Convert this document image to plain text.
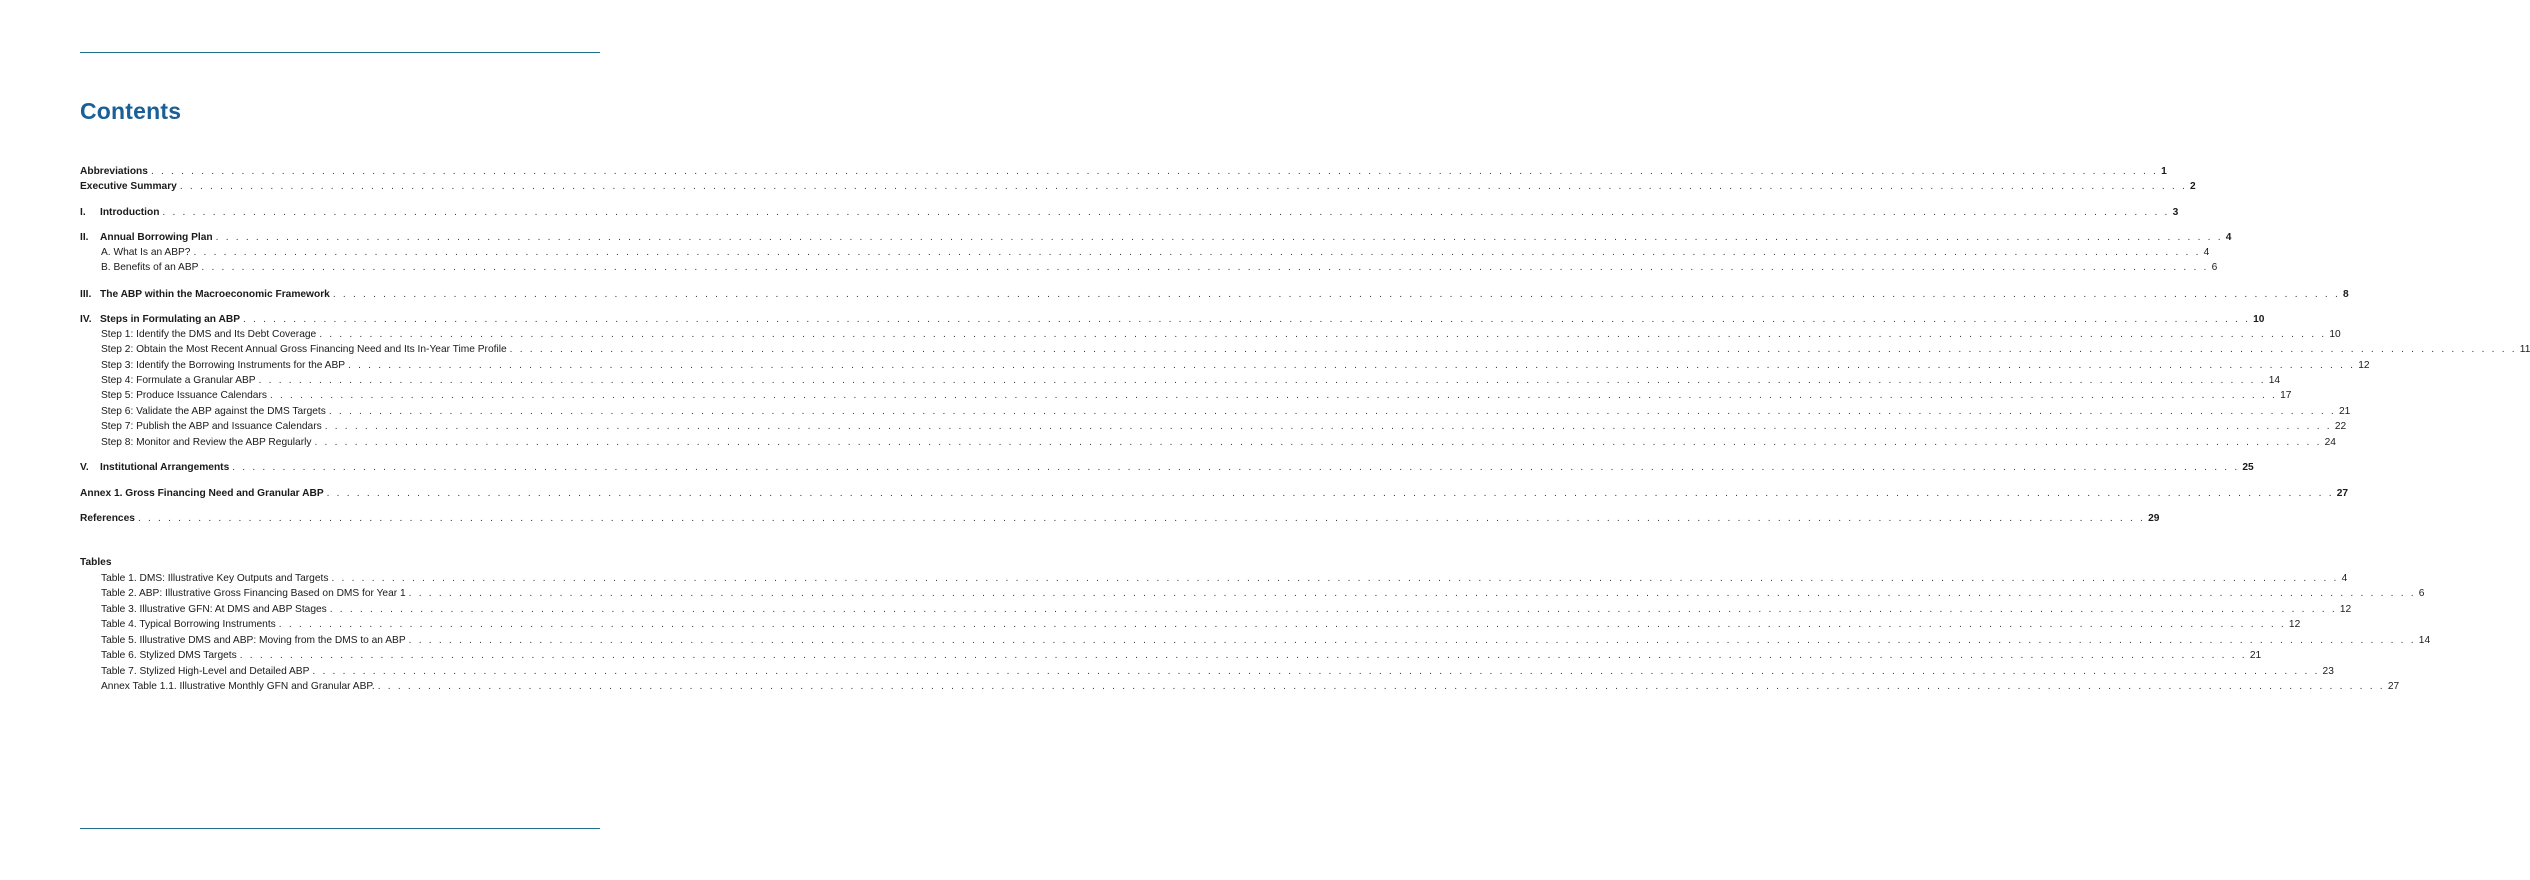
Contents
Abbreviations . . . . . . . . . . . . . . . . . . . . . . . . . . . . . . . . . . . . . . . . . . . . . . . . . . . . . . . . . . . . . . . . . . . . . . . . . . . . . . . . . . . . . . . . . . . . . . . . . . . . . . . . . . . . . . . . . . . . . . . . . . . . . . . . . . . . . . . . . . . . . . . . . . . . . . . . . . . . . . . . . . . . . . . . . . . . . . . . . . . . . . . . . . . . . . . . . . . . . . . . 1
Executive Summary . . . . . . . . . . . . . . . . . . . . . . . . . . . . . . . . . . . . . . . . . . . . . . . . . . . . . . . . . . . . . . . . . . . . . . . . . . . . . . . . . . . . . . . . . . . . . . . . . . . . . . . . . . . . . . . . . . . . . . . . . . . . . . . . . . . . . . . . . . . . . . . . . . . . . . . . . . . . . . . . . . . . . . . . . . . . . . . . . . . . . . . . . . . . . . . . . . . . . . . . 2
I.	Introduction . . . . . . . . . . . . . . . . . . . . . . . . . . . . . . . . . . . . . . . . . . . . . . . . . . . . . . . . . . . . . . . . . . . . . . . . . . . . . . . . . . . . . . . . . . . . . . . . . . . . . . . . . . . . . . . . . . . . . . . . . . . . . . . . . . . . . . . . . . . . . . . . . . . . . . . . . . . . . . . . . . . . . . . . . . . . . . . . . . . . . . . . . . . . . . . . . . . . . . . . 3
II.	Annual Borrowing Plan . . . . . . . . . . . . . . . . . . . . . . . . . . . . . . . . . . . . . . . . . . . . . . . . . . . . . . . . . . . . . . . . . . . . . . . . . . . . . . . . . . . . . . . . . . . . . . . . . . . . . . . . . . . . . . . . . . . . . . . . . . . . . . . . . . . . . . . . . . . . . . . . . . . . . . . . . . . . . . . . . . . . . . . . . . . . . . . . . . . . . . . . . . . . . . . . . . . . . . . . 4
A. What Is an ABP? . . . . . . . . . . . . . . . . . . . . . . . . . . . . . . . . . . . . . . . . . . . . . . . . . . . . . . . . . . . . . . . . . . . . . . . . . . . . . . . . . . . . . . . . . . . . . . . . . . . . . . . . . . . . . . . . . . . . . . . . . . . . . . . . . . . . . . . . . . . . . . . . . . . . . . . . . . . . . . . . . . . . . . . . . . . . . . . . . . . . . . . . . . . . . . . . . . . . . . . . 4
B. Benefits of an ABP . . . . . . . . . . . . . . . . . . . . . . . . . . . . . . . . . . . . . . . . . . . . . . . . . . . . . . . . . . . . . . . . . . . . . . . . . . . . . . . . . . . . . . . . . . . . . . . . . . . . . . . . . . . . . . . . . . . . . . . . . . . . . . . . . . . . . . . . . . . . . . . . . . . . . . . . . . . . . . . . . . . . . . . . . . . . . . . . . . . . . . . . . . . . . . . . . . . . . . . . 6
III. The ABP within the Macroeconomic Framework . . . . . . . . . . . . . . . . . . . . . . . . . . . . . . . . . . . . . . . . . . . . . . . . . . . . . . . . . . . . . . . . . . . . . . . . . . . . . . . . . . . . . . . . . . . . . . . . . . . . . . . . . . . . . . . . . . . . . . . . . . . . . . . . . . . . . . . . . . . . . . . . . . . . . . . . . . . . . . . . . . . . . . . . . . . . . . . . . . . . . . . . . . . . . . . . . . . . . . . . 8
IV. Steps in Formulating an ABP . . . . . . . . . . . . . . . . . . . . . . . . . . . . . . . . . . . . . . . . . . . . . . . . . . . . . . . . . . . . . . . . . . . . . . . . . . . . . . . . . . . . . . . . . . . . . . . . . . . . . . . . . . . . . . . . . . . . . . . . . . . . . . . . . . . . . . . . . . . . . . . . . . . . . . . . . . . . . . . . . . . . . . . . . . . . . . . . . . . . . . . . . . . . . . . . . . . . . . . . 10
Step 1: Identify the DMS and Its Debt Coverage . . . . . . . . . . . . . . . . . . . . . . . . . . . . . . . . . . . . . . . . . . . . . . . . . . . . . . . . . . . . . . . . . . . . . . . . . . . . . . . . . . . . . . . . . . . . . . . . . . . . . . . . . . . . . . . . . . . . . . . . . . . . . . . . . . . . . . . . . . . . . . . . . . . . . . . . . . . . . . . . . . . . . . . . . . . . . . . . . . . . . . . . . . . . . . . . . . . . . . . . 10
Step 2: Obtain the Most Recent Annual Gross Financing Need and Its In-Year Time Profile . . . . . . . . . . . . . . . . . . . . . . . . . . . . . . . . . . . . . . . . . . . . . . . . . . . . . . . . . . . . . . . . . . . . . . . . . . . . . . . . . . . . . . . . . . . . . . . . . . . . . . . . . . . . . . . . . . . . . . . . . . . . . . . . . . . . . . . . . . . . . . . . . . . . . . . . . . . . . . . . . . . . . . . . . . . . . . . . . . . . . . . . . . . . . . . . . . . . . . . . 11
Step 3: Identify the Borrowing Instruments for the ABP . . . . . . . . . . . . . . . . . . . . . . . . . . . . . . . . . . . . . . . . . . . . . . . . . . . . . . . . . . . . . . . . . . . . . . . . . . . . . . . . . . . . . . . . . . . . . . . . . . . . . . . . . . . . . . . . . . . . . . . . . . . . . . . . . . . . . . . . . . . . . . . . . . . . . . . . . . . . . . . . . . . . . . . . . . . . . . . . . . . . . . . . . . . . . . . . . . . . . . . . 12
Step 4: Formulate a Granular ABP . . . . . . . . . . . . . . . . . . . . . . . . . . . . . . . . . . . . . . . . . . . . . . . . . . . . . . . . . . . . . . . . . . . . . . . . . . . . . . . . . . . . . . . . . . . . . . . . . . . . . . . . . . . . . . . . . . . . . . . . . . . . . . . . . . . . . . . . . . . . . . . . . . . . . . . . . . . . . . . . . . . . . . . . . . . . . . . . . . . . . . . . . . . . . . . . . . . . . . . . 14
Step 5: Produce Issuance Calendars . . . . . . . . . . . . . . . . . . . . . . . . . . . . . . . . . . . . . . . . . . . . . . . . . . . . . . . . . . . . . . . . . . . . . . . . . . . . . . . . . . . . . . . . . . . . . . . . . . . . . . . . . . . . . . . . . . . . . . . . . . . . . . . . . . . . . . . . . . . . . . . . . . . . . . . . . . . . . . . . . . . . . . . . . . . . . . . . . . . . . . . . . . . . . . . . . . . . . . . . 17
Step 6: Validate the ABP against the DMS Targets . . . . . . . . . . . . . . . . . . . . . . . . . . . . . . . . . . . . . . . . . . . . . . . . . . . . . . . . . . . . . . . . . . . . . . . . . . . . . . . . . . . . . . . . . . . . . . . . . . . . . . . . . . . . . . . . . . . . . . . . . . . . . . . . . . . . . . . . . . . . . . . . . . . . . . . . . . . . . . . . . . . . . . . . . . . . . . . . . . . . . . . . . . . . . . . . . . . . . . . . 21
Step 7: Publish the ABP and Issuance Calendars . . . . . . . . . . . . . . . . . . . . . . . . . . . . . . . . . . . . . . . . . . . . . . . . . . . . . . . . . . . . . . . . . . . . . . . . . . . . . . . . . . . . . . . . . . . . . . . . . . . . . . . . . . . . . . . . . . . . . . . . . . . . . . . . . . . . . . . . . . . . . . . . . . . . . . . . . . . . . . . . . . . . . . . . . . . . . . . . . . . . . . . . . . . . . . . . . . . . . . . . 22
Step 8: Monitor and Review the ABP Regularly . . . . . . . . . . . . . . . . . . . . . . . . . . . . . . . . . . . . . . . . . . . . . . . . . . . . . . . . . . . . . . . . . . . . . . . . . . . . . . . . . . . . . . . . . . . . . . . . . . . . . . . . . . . . . . . . . . . . . . . . . . . . . . . . . . . . . . . . . . . . . . . . . . . . . . . . . . . . . . . . . . . . . . . . . . . . . . . . . . . . . . . . . . . . . . . . . . . . . . . . 24
V.	Institutional Arrangements . . . . . . . . . . . . . . . . . . . . . . . . . . . . . . . . . . . . . . . . . . . . . . . . . . . . . . . . . . . . . . . . . . . . . . . . . . . . . . . . . . . . . . . . . . . . . . . . . . . . . . . . . . . . . . . . . . . . . . . . . . . . . . . . . . . . . . . . . . . . . . . . . . . . . . . . . . . . . . . . . . . . . . . . . . . . . . . . . . . . . . . . . . . . . . . . . . . . . . . . 25
Annex 1. Gross Financing Need and Granular ABP . . . . . . . . . . . . . . . . . . . . . . . . . . . . . . . . . . . . . . . . . . . . . . . . . . . . . . . . . . . . . . . . . . . . . . . . . . . . . . . . . . . . . . . . . . . . . . . . . . . . . . . . . . . . . . . . . . . . . . . . . . . . . . . . . . . . . . . . . . . . . . . . . . . . . . . . . . . . . . . . . . . . . . . . . . . . . . . . . . . . . . . . . . . . . . . . . . . . . . . . 27
References . . . . . . . . . . . . . . . . . . . . . . . . . . . . . . . . . . . . . . . . . . . . . . . . . . . . . . . . . . . . . . . . . . . . . . . . . . . . . . . . . . . . . . . . . . . . . . . . . . . . . . . . . . . . . . . . . . . . . . . . . . . . . . . . . . . . . . . . . . . . . . . . . . . . . . . . . . . . . . . . . . . . . . . . . . . . . . . . . . . . . . . . . . . . . . . . . . . . . . . . 29

Tables

Table 1. DMS: Illustrative Key Outputs and Targets . . . . . . . . . . . . . . . . . . . . . . . . . . . . . . . . . . . . . . . . . . . . . . . . . . . . . . . . . . . . . . . . . . . . . . . . . . . . . . . . . . . . . . . . . . . . . . . . . . . . . . . . . . . . . . . . . . . . . . . . . . . . . . . . . . . . . . . . . . . . . . . . . . . . . . . . . . . . . . . . . . . . . . . . . . . . . . . . . . . . . . . . . . . . . . . . . . . . . . . . 4
Table 2. ABP: Illustrative Gross Financing Based on DMS for Year 1 . . . . . . . . . . . . . . . . . . . . . . . . . . . . . . . . . . . . . . . . . . . . . . . . . . . . . . . . . . . . . . . . . . . . . . . . . . . . . . . . . . . . . . . . . . . . . . . . . . . . . . . . . . . . . . . . . . . . . . . . . . . . . . . . . . . . . . . . . . . . . . . . . . . . . . . . . . . . . . . . . . . . . . . . . . . . . . . . . . . . . . . . . . . . . . . . . . . . . . . . 6
Table 3. Illustrative GFN: At DMS and ABP Stages . . . . . . . . . . . . . . . . . . . . . . . . . . . . . . . . . . . . . . . . . . . . . . . . . . . . . . . . . . . . . . . . . . . . . . . . . . . . . . . . . . . . . . . . . . . . . . . . . . . . . . . . . . . . . . . . . . . . . . . . . . . . . . . . . . . . . . . . . . . . . . . . . . . . . . . . . . . . . . . . . . . . . . . . . . . . . . . . . . . . . . . . . . . . . . . . . . . . . . . . 12
Table 4. Typical Borrowing Instruments . . . . . . . . . . . . . . . . . . . . . . . . . . . . . . . . . . . . . . . . . . . . . . . . . . . . . . . . . . . . . . . . . . . . . . . . . . . . . . . . . . . . . . . . . . . . . . . . . . . . . . . . . . . . . . . . . . . . . . . . . . . . . . . . . . . . . . . . . . . . . . . . . . . . . . . . . . . . . . . . . . . . . . . . . . . . . . . . . . . . . . . . . . . . . . . . . . . . . . . . 12
Table 5. Illustrative DMS and ABP: Moving from the DMS to an ABP . . . . . . . . . . . . . . . . . . . . . . . . . . . . . . . . . . . . . . . . . . . . . . . . . . . . . . . . . . . . . . . . . . . . . . . . . . . . . . . . . . . . . . . . . . . . . . . . . . . . . . . . . . . . . . . . . . . . . . . . . . . . . . . . . . . . . . . . . . . . . . . . . . . . . . . . . . . . . . . . . . . . . . . . . . . . . . . . . . . . . . . . . . . . . . . . . . . . . . . . 14
Table 6. Stylized DMS Targets . . . . . . . . . . . . . . . . . . . . . . . . . . . . . . . . . . . . . . . . . . . . . . . . . . . . . . . . . . . . . . . . . . . . . . . . . . . . . . . . . . . . . . . . . . . . . . . . . . . . . . . . . . . . . . . . . . . . . . . . . . . . . . . . . . . . . . . . . . . . . . . . . . . . . . . . . . . . . . . . . . . . . . . . . . . . . . . . . . . . . . . . . . . . . . . . . . . . . . . . 21
Table 7. Stylized High-Level and Detailed ABP . . . . . . . . . . . . . . . . . . . . . . . . . . . . . . . . . . . . . . . . . . . . . . . . . . . . . . . . . . . . . . . . . . . . . . . . . . . . . . . . . . . . . . . . . . . . . . . . . . . . . . . . . . . . . . . . . . . . . . . . . . . . . . . . . . . . . . . . . . . . . . . . . . . . . . . . . . . . . . . . . . . . . . . . . . . . . . . . . . . . . . . . . . . . . . . . . . . . . . . . 23
Annex Table 1.1. Illustrative Monthly GFN and Granular ABP. . . . . . . . . . . . . . . . . . . . . . . . . . . . . . . . . . . . . . . . . . . . . . . . . . . . . . . . . . . . . . . . . . . . . . . . . . . . . . . . . . . . . . . . . . . . . . . . . . . . . . . . . . . . . . . . . . . . . . . . . . . . . . . . . . . . . . . . . . . . . . . . . . . . . . . . . . . . . . . . . . . . . . . . . . . . . . . . . . . . . . . . . . . . . . . . . . . . . . . . . 27
